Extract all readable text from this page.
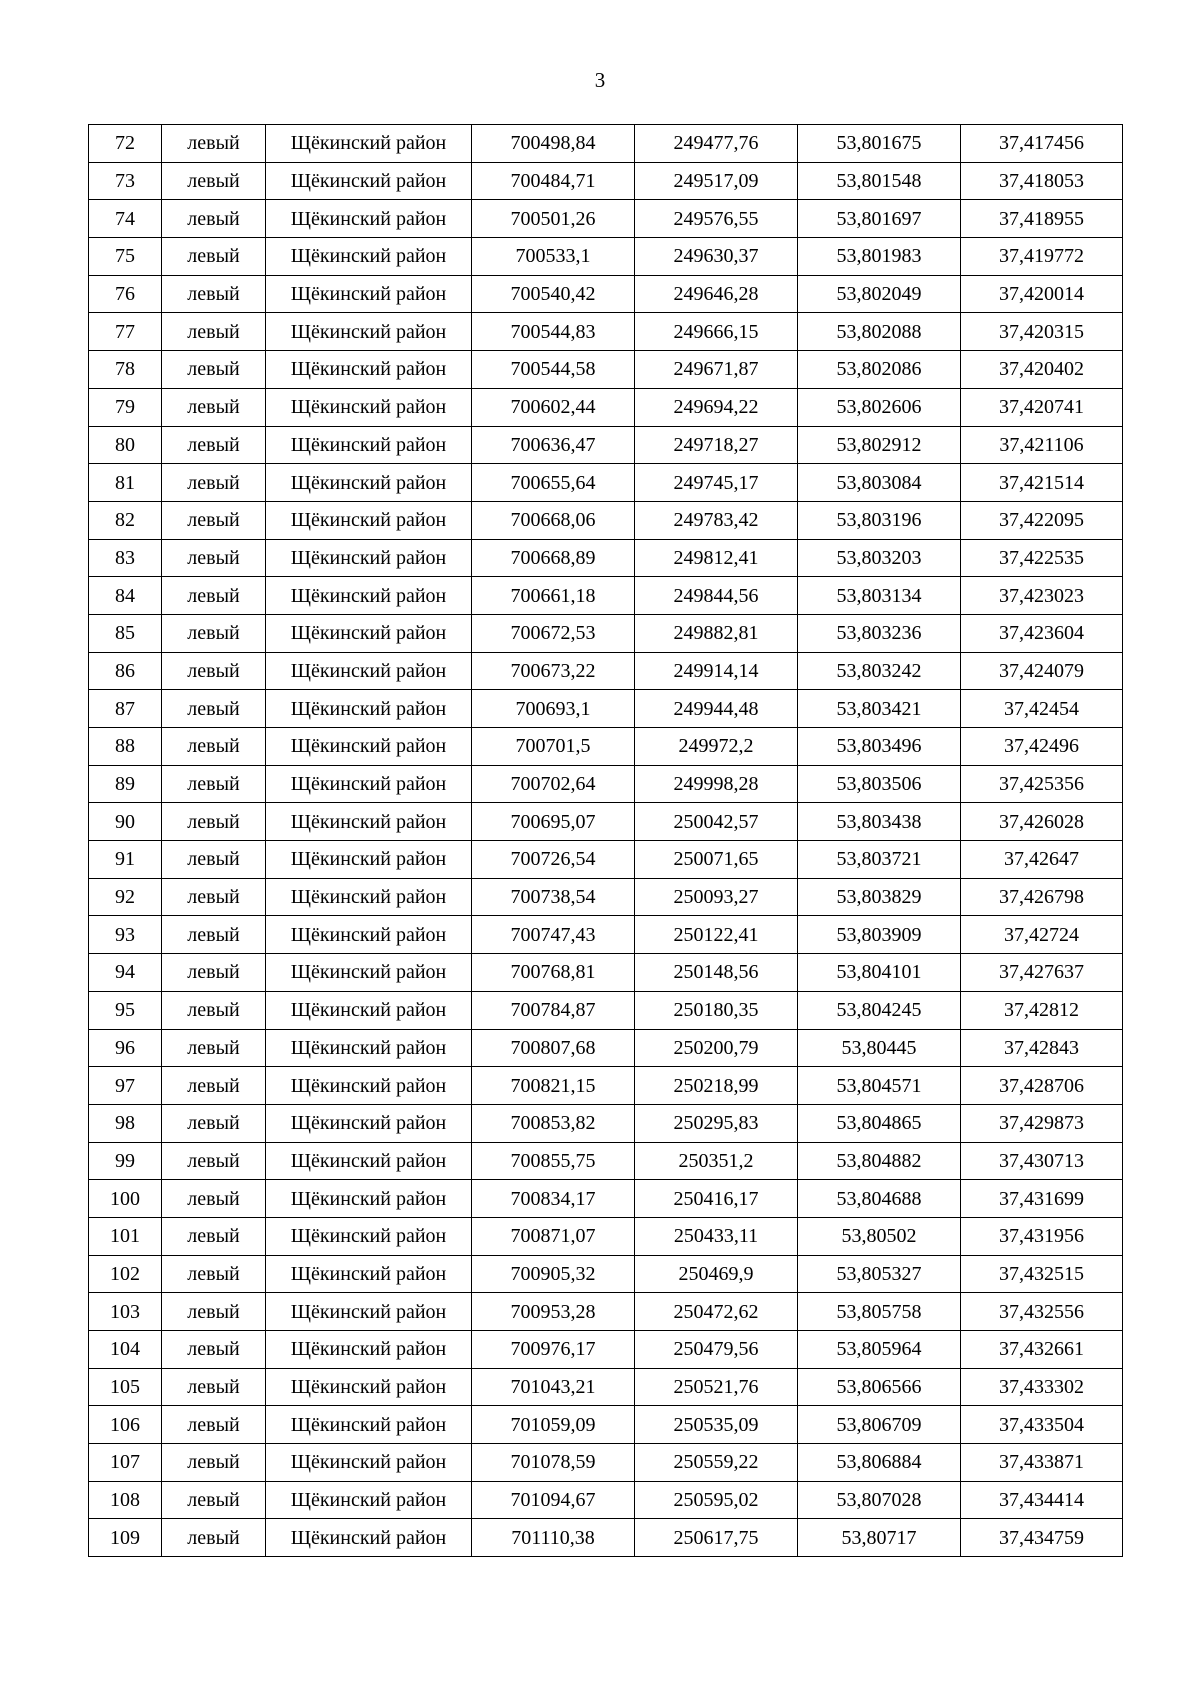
3
72	левый	Щёкинский район	700498,84	249477,76	53,801675	37,417456
73	левый	Щёкинский район	700484,71	249517,09	53,801548	37,418053
74	левый	Щёкинский район	700501,26	249576,55	53,801697	37,418955
75	левый	Щёкинский район	700533,1	249630,37	53,801983	37,419772
76	левый	Щёкинский район	700540,42	249646,28	53,802049	37,420014
77	левый	Щёкинский район	700544,83	249666,15	53,802088	37,420315
78	левый	Щёкинский район	700544,58	249671,87	53,802086	37,420402
79	левый	Щёкинский район	700602,44	249694,22	53,802606	37,420741
80	левый	Щёкинский район	700636,47	249718,27	53,802912	37,421106
81	левый	Щёкинский район	700655,64	249745,17	53,803084	37,421514
82	левый	Щёкинский район	700668,06	249783,42	53,803196	37,422095
83	левый	Щёкинский район	700668,89	249812,41	53,803203	37,422535
84	левый	Щёкинский район	700661,18	249844,56	53,803134	37,423023
85	левый	Щёкинский район	700672,53	249882,81	53,803236	37,423604
86	левый	Щёкинский район	700673,22	249914,14	53,803242	37,424079
87	левый	Щёкинский район	700693,1	249944,48	53,803421	37,42454
88	левый	Щёкинский район	700701,5	249972,2	53,803496	37,42496
89	левый	Щёкинский район	700702,64	249998,28	53,803506	37,425356
90	левый	Щёкинский район	700695,07	250042,57	53,803438	37,426028
91	левый	Щёкинский район	700726,54	250071,65	53,803721	37,42647
92	левый	Щёкинский район	700738,54	250093,27	53,803829	37,426798
93	левый	Щёкинский район	700747,43	250122,41	53,803909	37,42724
94	левый	Щёкинский район	700768,81	250148,56	53,804101	37,427637
95	левый	Щёкинский район	700784,87	250180,35	53,804245	37,42812
96	левый	Щёкинский район	700807,68	250200,79	53,80445	37,42843
97	левый	Щёкинский район	700821,15	250218,99	53,804571	37,428706
98	левый	Щёкинский район	700853,82	250295,83	53,804865	37,429873
99	левый	Щёкинский район	700855,75	250351,2	53,804882	37,430713
100	левый	Щёкинский район	700834,17	250416,17	53,804688	37,431699
101	левый	Щёкинский район	700871,07	250433,11	53,80502	37,431956
102	левый	Щёкинский район	700905,32	250469,9	53,805327	37,432515
103	левый	Щёкинский район	700953,28	250472,62	53,805758	37,432556
104	левый	Щёкинский район	700976,17	250479,56	53,805964	37,432661
105	левый	Щёкинский район	701043,21	250521,76	53,806566	37,433302
106	левый	Щёкинский район	701059,09	250535,09	53,806709	37,433504
107	левый	Щёкинский район	701078,59	250559,22	53,806884	37,433871
108	левый	Щёкинский район	701094,67	250595,02	53,807028	37,434414
109	левый	Щёкинский район	701110,38	250617,75	53,80717	37,434759
